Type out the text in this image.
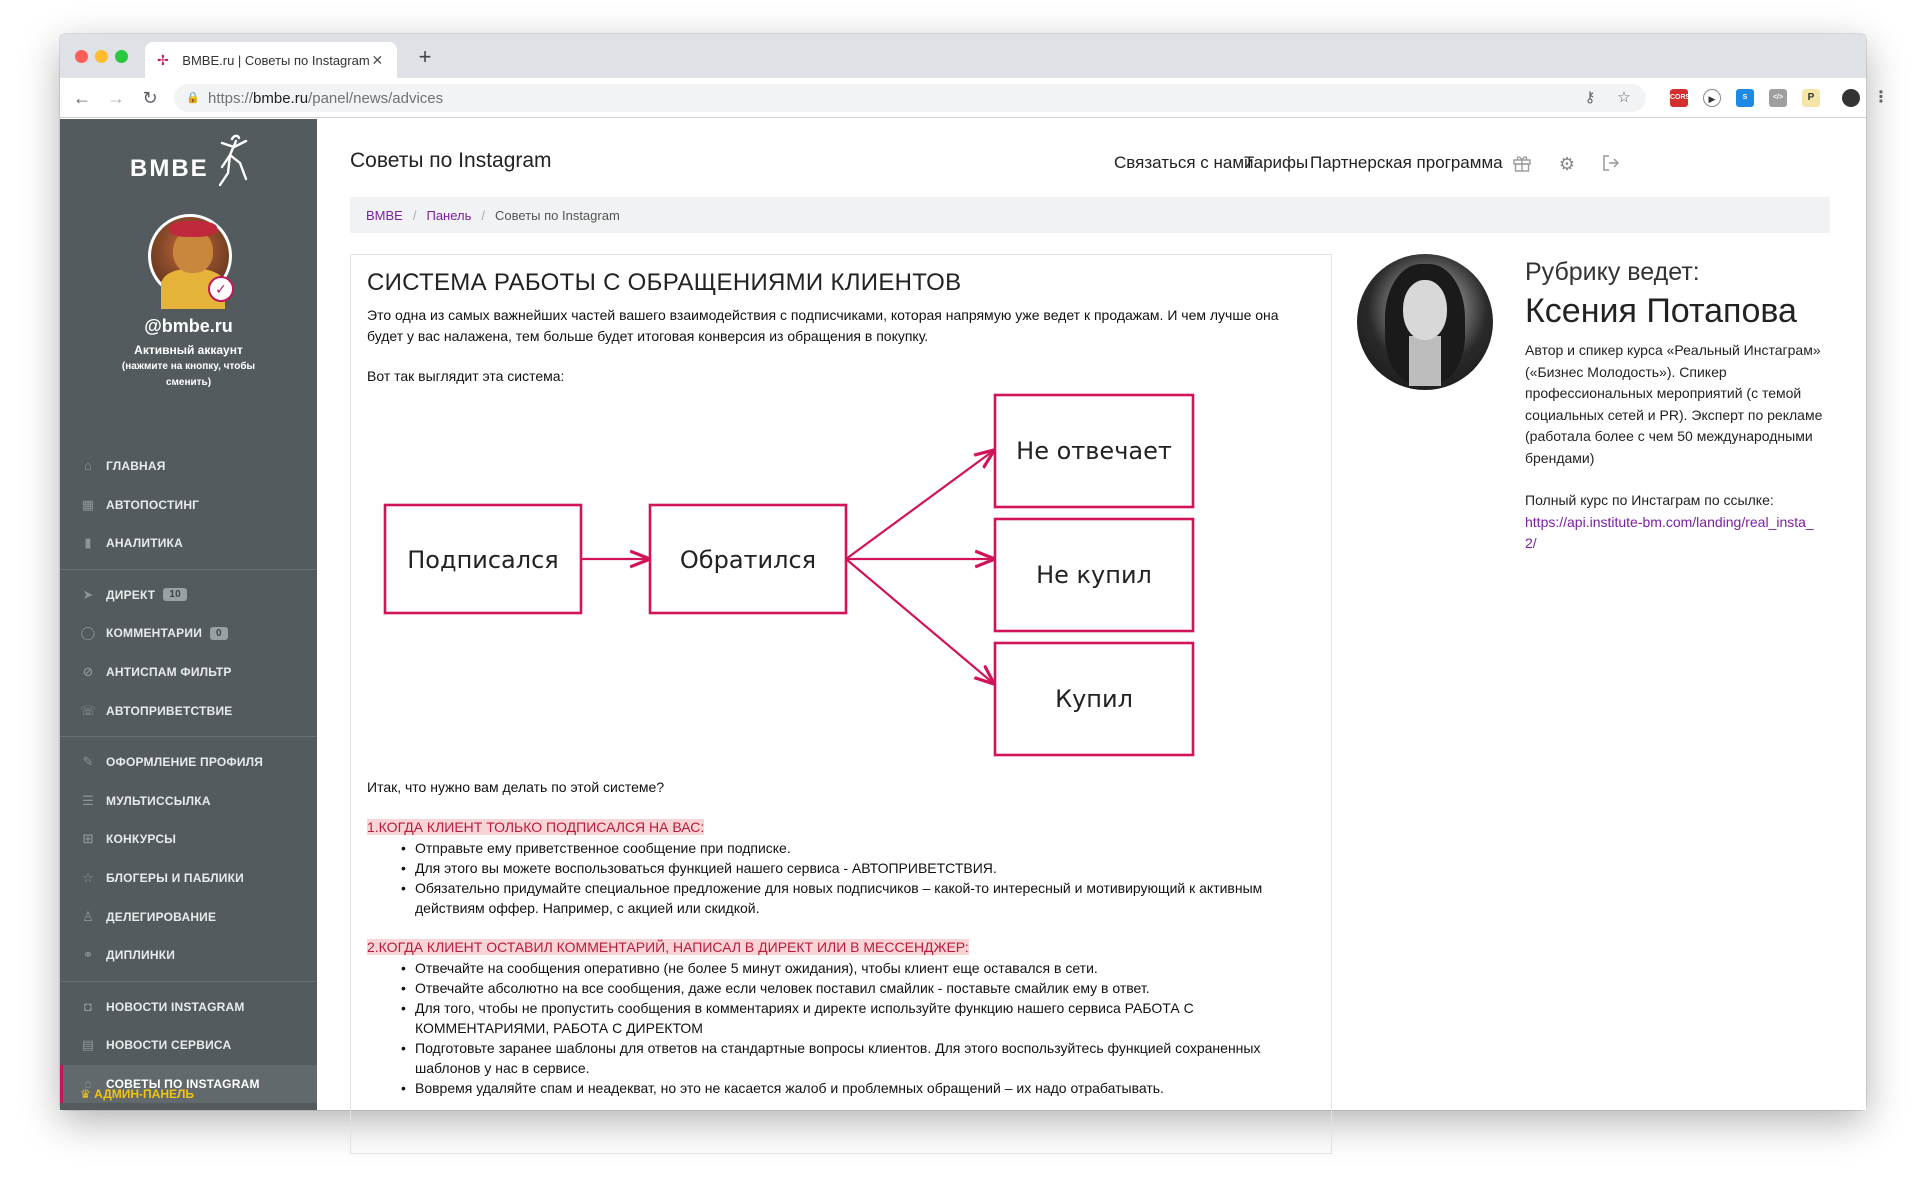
✢ BMBE.ru | Советы по Instagram ✕ +
← → ↻	🔒 https://bmbe.ru/panel/news/advices	⚷	☆	CORS	▶	S	</>	P	⋮
BMBE
✓
@bmbe.ru
Активный аккаунт
(нажмите на кнопку, чтобы сменить)
⌂	ГЛАВНАЯ
▦ АВТОПОСТИНГ
▮	АНАЛИТИКА
➤ ДИРЕКТ	10
◯ КОММЕНТАРИИ	0
⊘ АНТИСПАМ ФИЛЬТР
☏ АВТОПРИВЕТСТВИЕ
✎ ОФОРМЛЕНИЕ ПРОФИЛЯ
☰ МУЛЬТИССЫЛКА
⊞ КОНКУРСЫ
☆ БЛОГЕРЫ И ПАБЛИКИ
♙ ДЕЛЕГИРОВАНИЕ
⚭ ДИПЛИНКИ
◘	НОВОСТИ INSTAGRAM
▤ НОВОСТИ СЕРВИСА
⌂	СОВЕТЫ ПО INSTAGRAM
♛ АДМИН-ПАНЕЛЬ
Советы по Instagram	Связаться с нами
Тарифы Партнерская программа	⚙
BMBE / Панель / Советы по Instagram
СИСТЕМА РАБОТЫ С ОБРАЩЕНИЯМИ КЛИЕНТОВ

Это одна из самых важнейших частей вашего взаимодействия с подписчиками, которая напрямую уже ведет к продажам. И чем лучше она будет у вас налажена, тем больше будет итоговая конверсия из обращения в покупку.

Вот так выглядит эта система:

Подписался	Обратился
Не отвечает
Не купил
Купил

Итак, что нужно вам делать по этой системе?

1.КОГДА КЛИЕНТ ТОЛЬКО ПОДПИСАЛСЯ НА ВАС:
• Отправьте ему приветственное сообщение при подписке.
• Для этого вы можете воспользоваться функцией нашего сервиса - АВТОПРИВЕТСТВИЯ.
• Обязательно придумайте специальное предложение для новых подписчиков – какой-то интересный и мотивирующий к активным действиям оффер. Например, с акцией или скидкой.
2.КОГДА КЛИЕНТ ОСТАВИЛ КОММЕНТАРИЙ, НАПИСАЛ В ДИРЕКТ ИЛИ В МЕССЕНДЖЕР:
• Отвечайте на сообщения оперативно (не более 5 минут ожидания), чтобы клиент еще оставался в сети.
• Отвечайте абсолютно на все сообщения, даже если человек поставил смайлик - поставьте смайлик ему в ответ.
• Для того, чтобы не пропустить сообщения в комментариях и директе используйте функцию нашего сервиса РАБОТА С КОММЕНТАРИЯМИ, РАБОТА С ДИРЕКТОМ
• Подготовьте заранее шаблоны для ответов на стандартные вопросы клиентов. Для этого воспользуйтесь функцией сохраненных шаблонов у нас в сервисе.
• Вовремя удаляйте спам и неадекват, но это не касается жалоб и проблемных обращений – их надо отрабатывать.
Рубрику ведет:
Ксения Потапова
Автор и спикер курса «Реальный Инстаграм» («Бизнес Молодость»). Спикер профессиональных мероприятий (с темой социальных сетей и PR). Эксперт по рекламе (работала более с чем 50 международными брендами)
Полный курс по Инстаграм по ссылке:
https://api.institute-bm.com/landing/real_insta_2/
